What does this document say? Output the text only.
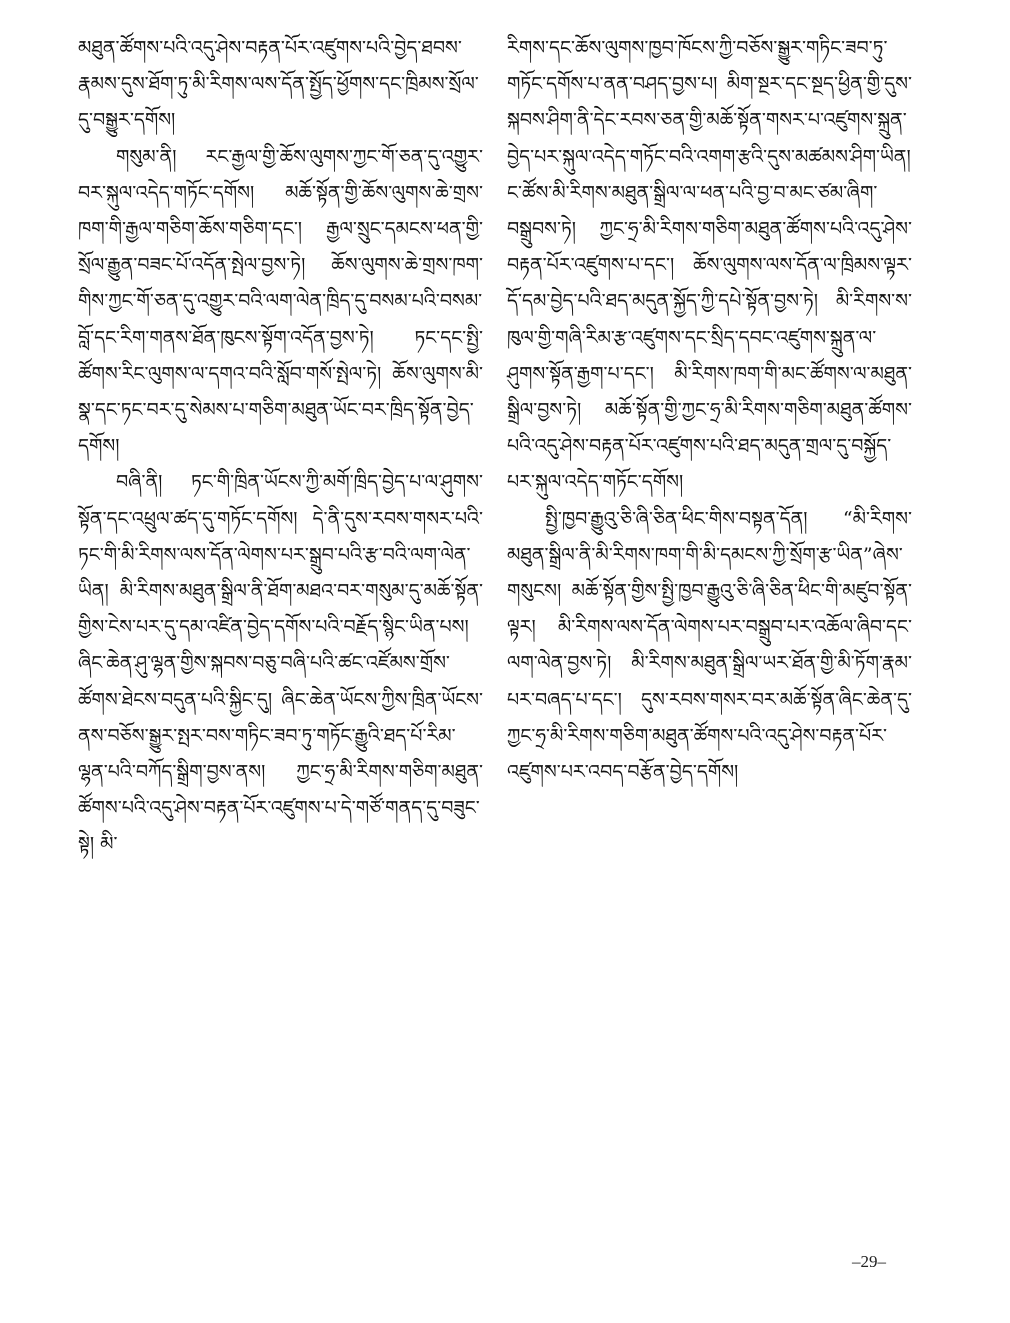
མཐུན་ཚོགས་པའི་འདུ་ཤེས་བརྟན་པོར་འཛུགས་པའི་བྱེད་ཐབས་རྣམས་དུས་ཐོག་ཏུ་མི་རིགས་ལས་དོན་སྤྱོད་ཕྱོགས་དང་ཁྲིམས་སྲོལ་དུ་བསྒྱུར་དགོས།

གསུམ་ནི། རང་རྒྱལ་གྱི་ཆོས་ལུགས་ཀྱང་གོ་ཅན་དུ་འགྱུར་བར་སྐུལ་འདེད་གཏོང་དགོས། མཆོ་སྟོན་གྱི་ཆོས་ལུགས་ཆེ་གྲས་ཁག་གི་རྒྱལ་གཅིག་ཆོས་གཅིག་དང་། རྒྱལ་སྲུང་དམངས་ཕན་གྱི་སྲོལ་རྒྱུན་བཟང་པོ་འདོན་སྤེལ་བྱས་ཏེ། ཆོས་ལུགས་ཆེ་གྲས་ཁག་གིས་ཀྱང་གོ་ཅན་དུ་འགྱུར་བའི་ལག་ལེན་ཁྲིད་དུ་བསམ་པའི་བསམ་བློ་དང་རིག་གནས་ཐོན་ཁུངས་སྟོག་འདོན་བྱས་ཏེ། ཏང་དང་སྤྱི་ཚོགས་རིང་ལུགས་ལ་དགའ་བའི་སློབ་གསོ་སྤེལ་ཏེ། ཆོས་ལུགས་མི་སྣ་དང་ཏང་བར་དུ་སེམས་པ་གཅིག་མཐུན་ཡོང་བར་ཁྲིད་སྟོན་བྱེད་དགོས།

བཞི་ནི། ཏང་གི་ཁྲིན་ཡོངས་ཀྱི་མགོ་ཁྲིད་བྱེད་པ་ལ་ཤུགས་སྟོན་དང་འཕྲུལ་ཚད་དུ་གཏོང་དགོས། དེ་ནི་དུས་རབས་གསར་པའི་ཏང་གི་མི་རིགས་ལས་དོན་ལེགས་པར་སྒྲུབ་པའི་རྩ་བའི་ལག་ལེན་ཡིན། མི་རིགས་མཐུན་སྒྲིལ་ནི་ཐོག་མཐའ་བར་གསུམ་དུ་མཆོ་སྟོན་གྱིས་ངེས་པར་དུ་དམ་འཛིན་བྱེད་དགོས་པའི་བརྗོད་སྙིང་ཡིན་པས། ཞིང་ཆེན་ཤུ་ལྷན་གྱིས་སྐབས་བཅུ་བཞི་པའི་ཚང་འཛོམས་གྲོས་ཚོགས་ཐེངས་བདུན་པའི་སྐྱིང་དུ། ཞིང་ཆེན་ཡོངས་ཀྱིས་ཁྲིན་ཡོངས་ནས་བཅོས་སྒྱུར་སྤར་བས་གཏིང་ཟབ་ཏུ་གཏོང་རྒྱུའི་ཐད་པོ་རིམ་ལྷན་པའི་བཀོད་སྒྲིག་བྱས་ནས། ཀྱང་ཧྲ་མི་རིགས་གཅིག་མཐུན་ཚོགས་པའི་འདུ་ཤེས་བརྟན་པོར་འཛུགས་པ་དེ་གཙོ་གནད་དུ་བཟུང་སྟེ། མི་

རིགས་དང་ཆོས་ལུགས་ཁྱབ་ཁོངས་ཀྱི་བཅོས་སྒྱུར་གཏིང་ཟབ་ཏུ་གཏོང་དགོས་པ་ནན་བཤད་བྱས་པ། མིག་སྔར་དང་སྔད་ཕྱིན་གྱི་དུས་སྐབས་ཤིག་ནི་དེང་རབས་ཅན་གྱི་མཆོ་སྟོན་གསར་པ་འཛུགས་སྐྲུན་བྱེད་པར་སྐུལ་འདེད་གཏོང་བའི་འགག་རྩའི་དུས་མཚམས་ཤིག་ཡིན། ང་ཚོས་མི་རིགས་མཐུན་སྒྲིལ་ལ་ཕན་པའི་བྱ་བ་མང་ཙམ་ཞིག་བསྒྲུབས་ཏེ། ཀྱང་ཧྲ་མི་རིགས་གཅིག་མཐུན་ཚོགས་པའི་འདུ་ཤེས་བརྟན་པོར་འཛུགས་པ་དང་། ཆོས་ལུགས་ལས་དོན་ལ་ཁྲིམས་ལྟར་དོ་དམ་བྱེད་པའི་ཐད་མདུན་སྐྱོད་ཀྱི་དཔེ་སྟོན་བྱས་ཏེ། མི་རིགས་ས་ཁུལ་གྱི་གཞི་རིམ་རྩ་འཛུགས་དང་སྲིད་དབང་འཛུགས་སྐྲུན་ལ་ཤུགས་སྟོན་རྒྱག་པ་དང་། མི་རིགས་ཁག་གི་མང་ཚོགས་ལ་མཐུན་སྒྲིལ་བྱས་ཏེ། མཆོ་སྟོན་གྱི་ཀྱང་ཧྲ་མི་རིགས་གཅིག་མཐུན་ཚོགས་པའི་འདུ་ཤེས་བརྟན་པོར་འཛུགས་པའི་ཐད་མདུན་གྲལ་དུ་བསྐྱོད་པར་སྐུལ་འདེད་གཏོང་དགོས།

སྤྱི་ཁྱབ་རྒྱུའུ་ཅི་ཞི་ཅིན་ཕིང་གིས་བསྟན་དོན། “མི་རིགས་མཐུན་སྒྲིལ་ནི་མི་རིགས་ཁག་གི་མི་དམངས་ཀྱི་སྲོག་རྩ་ཡིན”ཞེས་གསུངས། མཆོ་སྟོན་གྱིས་སྤྱི་ཁྱབ་རྒྱུའུ་ཅི་ཞི་ཅིན་ཕིང་གི་མཛུབ་སྟོན་ལྟར། མི་རིགས་ལས་དོན་ལེགས་པར་བསྒྲུབ་པར་འཆོལ་ཞིབ་དང་ལག་ལེན་བྱས་ཏེ། མི་རིགས་མཐུན་སྒྲིལ་ཡར་ཐོན་གྱི་མི་ཏོག་རྣམ་པར་བཞད་པ་དང་། དུས་རབས་གསར་བར་མཆོ་སྟོན་ཞིང་ཆེན་དུ་ཀྱང་ཧྲ་མི་རིགས་གཅིག་མཐུན་ཚོགས་པའི་འདུ་ཤེས་བརྟན་པོར་འཛུགས་པར་འབད་བརྩོན་བྱེད་དགོས།

–29–
